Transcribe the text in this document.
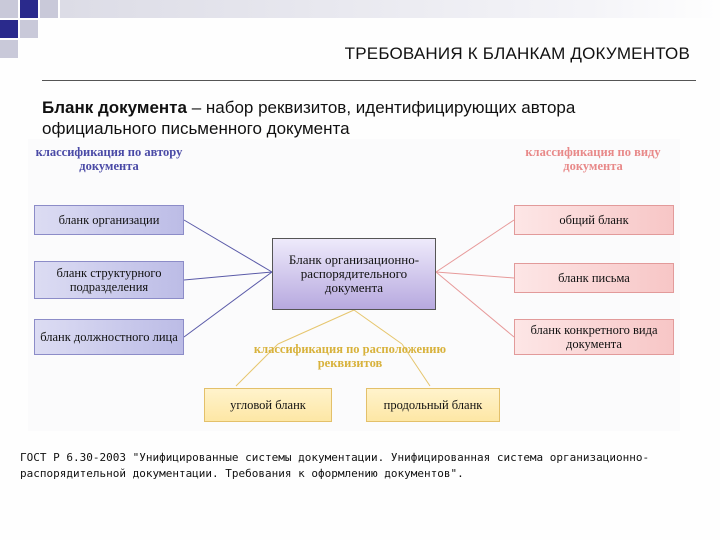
ТРЕБОВАНИЯ К БЛАНКАМ ДОКУМЕНТОВ
Бланк документа – набор реквизитов, идентифицирующих автора официального письменного документа
классификация по автору документа
классификация по виду документа
классификация по расположению реквизитов
Бланк организационно-распорядительного документа
бланк организации
бланк структурного подразделения
бланк должностного лица
общий бланк
бланк письма
бланк конкретного вида документа
угловой бланк	продольный бланк
ГОСТ Р 6.30-2003 "Унифицированные системы документации. Унифицированная система организационно-распорядительной документации. Требования к оформлению документов".
